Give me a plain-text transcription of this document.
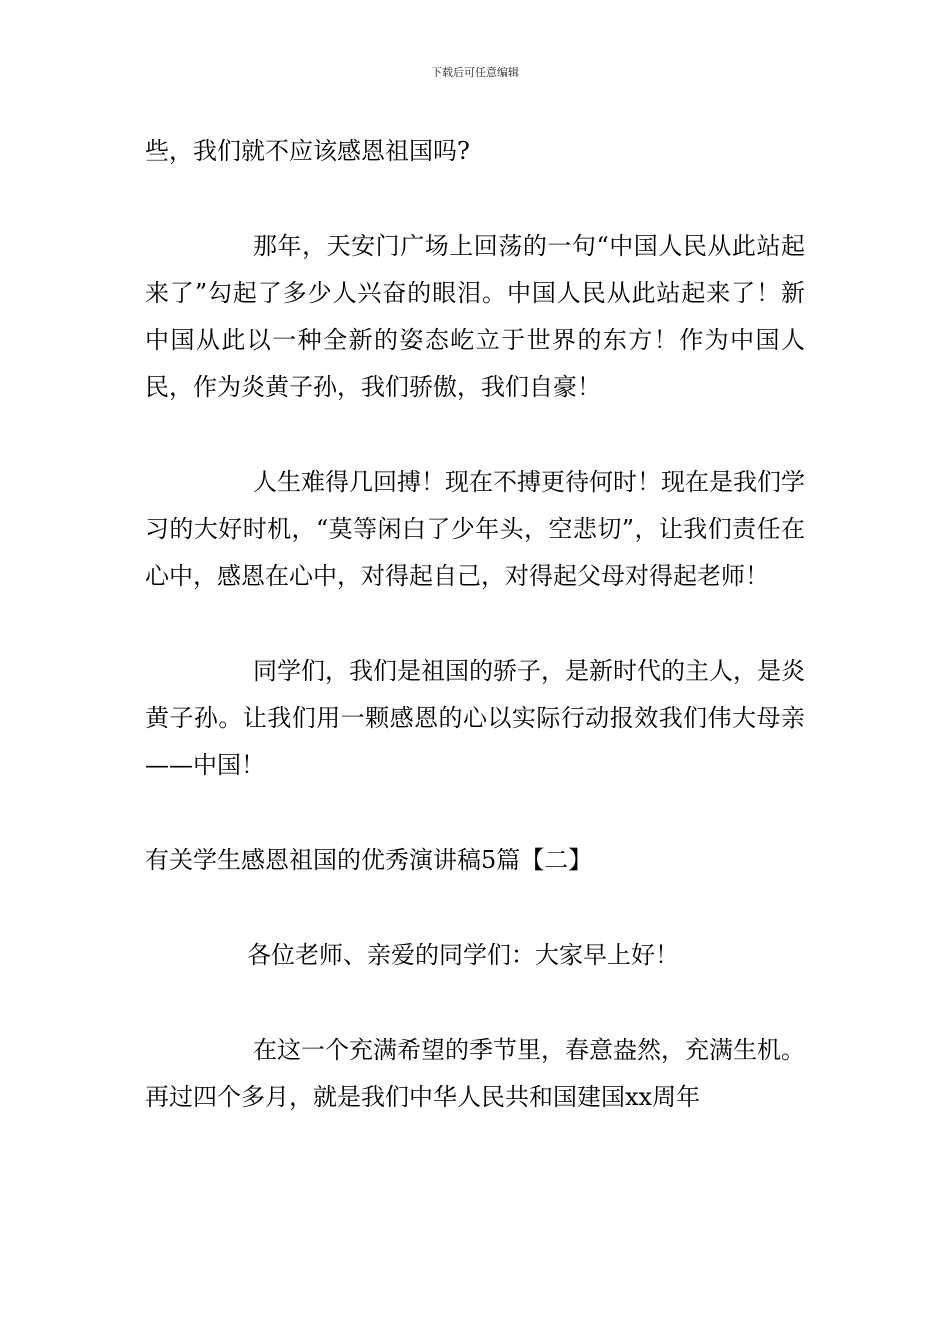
下载后可任意编辑

些，我们就不应该感恩祖国吗?

那年，天安门广场上回荡的一句“中国人民从此站起来了”勾起了多少人兴奋的眼泪。中国人民从此站起来了！新中国从此以一种全新的姿态屹立于世界的东方！作为中国人民，作为炎黄子孙，我们骄傲，我们自豪！

人生难得几回搏！现在不搏更待何时！现在是我们学习的大好时机，“莫等闲白了少年头，空悲切”，让我们责任在心中，感恩在心中，对得起自己，对得起父母对得起老师！

同学们，我们是祖国的骄子，是新时代的主人，是炎黄子孙。让我们用一颗感恩的心以实际行动报效我们伟大母亲——中国！

有关学生感恩祖国的优秀演讲稿5篇【二】

各位老师、亲爱的同学们：大家早上好！

在这一个充满希望的季节里，春意盎然，充满生机。再过四个多月，就是我们中华人民共和国建国xx周年
